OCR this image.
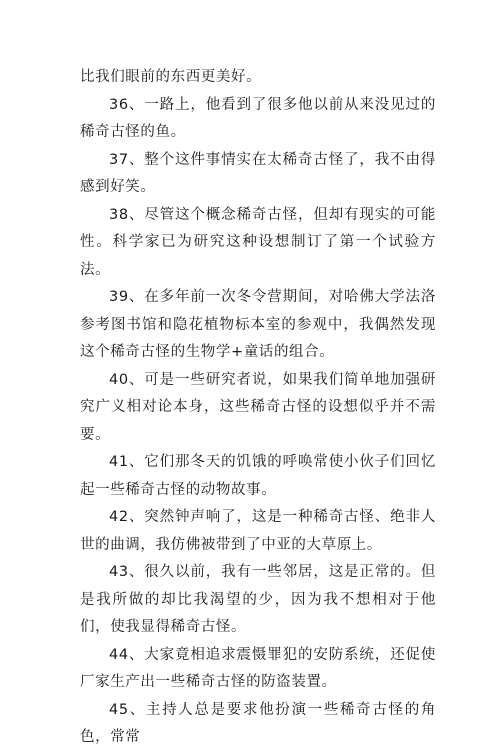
比我们眼前的东西更美好。

36、一路上，他看到了很多他以前从来没见过的稀奇古怪的鱼。

37、整个这件事情实在太稀奇古怪了，我不由得感到好笑。

38、尽管这个概念稀奇古怪，但却有现实的可能性。科学家已为研究这种设想制订了第一个试验方法。

39、在多年前一次冬令营期间，对哈佛大学法洛参考图书馆和隐花植物标本室的参观中，我偶然发现这个稀奇古怪的生物学+童话的组合。

40、可是一些研究者说，如果我们简单地加强研究广义相对论本身，这些稀奇古怪的设想似乎并不需要。

41、它们那冬天的饥饿的呼唤常使小伙子们回忆起一些稀奇古怪的动物故事。

42、突然钟声响了，这是一种稀奇古怪、绝非人世的曲调，我仿佛被带到了中亚的大草原上。

43、很久以前，我有一些邻居，这是正常的。但是我所做的却比我渴望的少，因为我不想相对于他们，使我显得稀奇古怪。

44、大家竟相追求震慑罪犯的安防系统，还促使厂家生产出一些稀奇古怪的防盗装置。

45、主持人总是要求他扮演一些稀奇古怪的角色，常常
